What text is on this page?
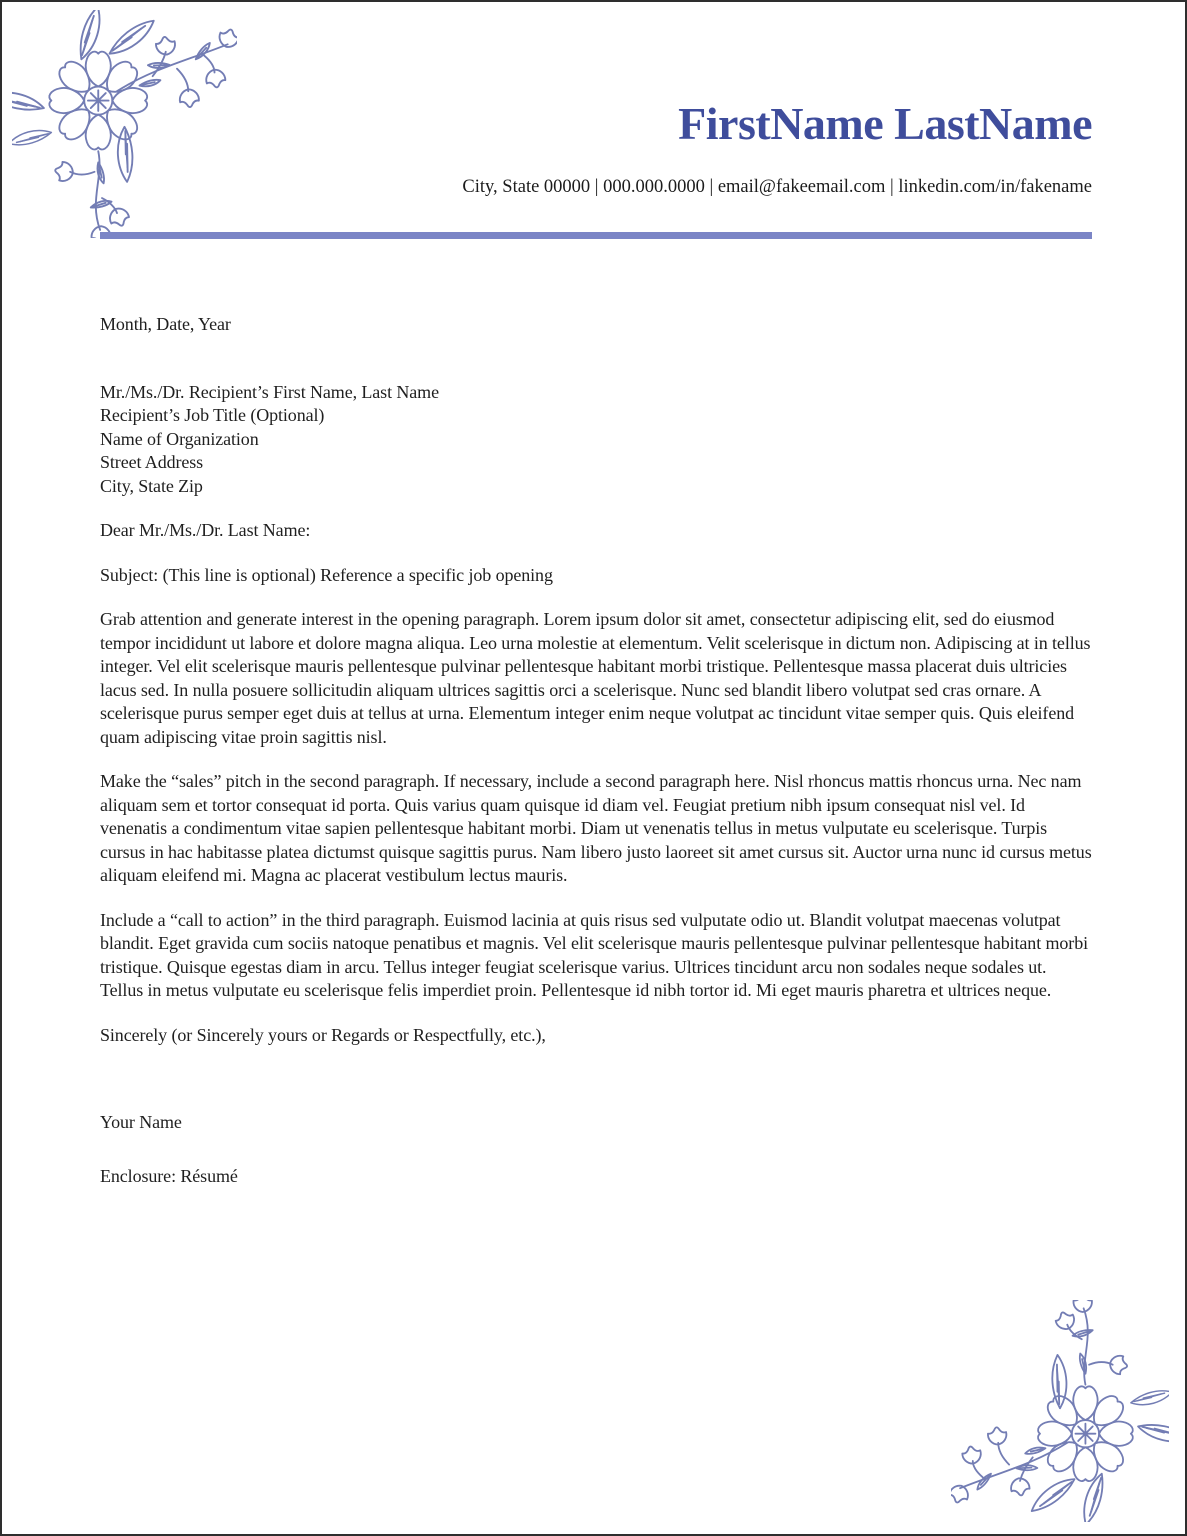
FirstName LastName
City, State 00000 | 000.000.0000 | email@fakeemail.com | linkedin.com/in/fakename
Month, Date, Year
Mr./Ms./Dr. Recipient’s First Name, Last Name
Recipient’s Job Title (Optional)
Name of Organization
Street Address
City, State Zip
Dear Mr./Ms./Dr. Last Name:
Subject: (This line is optional) Reference a specific job opening
Grab attention and generate interest in the opening paragraph. Lorem ipsum dolor sit amet, consectetur adipiscing elit, sed do eiusmod tempor incididunt ut labore et dolore magna aliqua. Leo urna molestie at elementum. Velit scelerisque in dictum non. Adipiscing at in tellus integer. Vel elit scelerisque mauris pellentesque pulvinar pellentesque habitant morbi tristique. Pellentesque massa placerat duis ultricies lacus sed. In nulla posuere sollicitudin aliquam ultrices sagittis orci a scelerisque. Nunc sed blandit libero volutpat sed cras ornare. A scelerisque purus semper eget duis at tellus at urna. Elementum integer enim neque volutpat ac tincidunt vitae semper quis. Quis eleifend quam adipiscing vitae proin sagittis nisl.
Make the “sales” pitch in the second paragraph. If necessary, include a second paragraph here. Nisl rhoncus mattis rhoncus urna. Nec nam aliquam sem et tortor consequat id porta. Quis varius quam quisque id diam vel. Feugiat pretium nibh ipsum consequat nisl vel. Id venenatis a condimentum vitae sapien pellentesque habitant morbi. Diam ut venenatis tellus in metus vulputate eu scelerisque. Turpis cursus in hac habitasse platea dictumst quisque sagittis purus. Nam libero justo laoreet sit amet cursus sit. Auctor urna nunc id cursus metus aliquam eleifend mi. Magna ac placerat vestibulum lectus mauris.
Include a “call to action” in the third paragraph. Euismod lacinia at quis risus sed vulputate odio ut. Blandit volutpat maecenas volutpat blandit. Eget gravida cum sociis natoque penatibus et magnis. Vel elit scelerisque mauris pellentesque pulvinar pellentesque habitant morbi tristique. Quisque egestas diam in arcu. Tellus integer feugiat scelerisque varius. Ultrices tincidunt arcu non sodales neque sodales ut. Tellus in metus vulputate eu scelerisque felis imperdiet proin. Pellentesque id nibh tortor id. Mi eget mauris pharetra et ultrices neque.
Sincerely (or Sincerely yours or Regards or Respectfully, etc.),
Your Name
Enclosure: Résumé
